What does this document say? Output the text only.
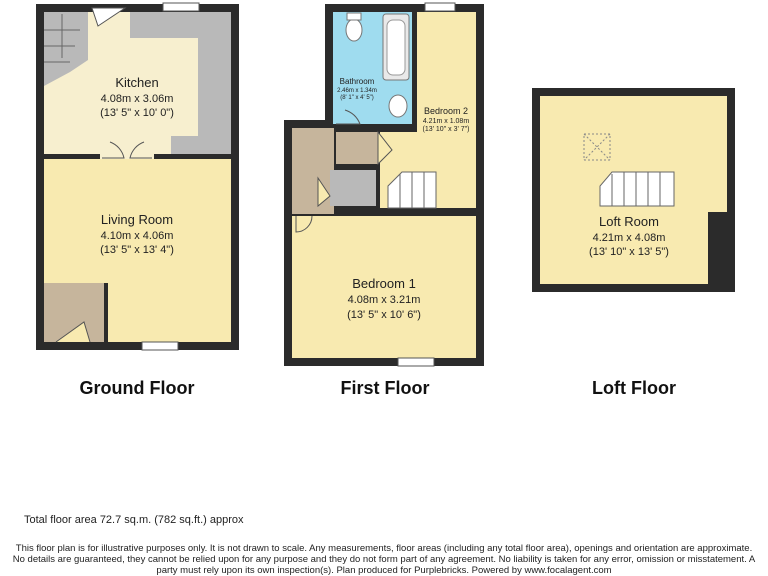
Kitchen
4.08m x 3.06m
(13' 5" x 10' 0")
Living Room
4.10m x 4.06m
(13' 5" x 13' 4")
Bathroom
2.46m x 1.34m
(8' 1" x 4' 5")
Bedroom 2
4.21m x 1.08m
(13' 10" x 3' 7")
Bedroom 1
4.08m x 3.21m
(13' 5" x 10' 6")
Loft Room
4.21m x 4.08m
(13' 10" x 13' 5")
Ground Floor	First Floor	Loft Floor
Total floor area 72.7 sq.m. (782 sq.ft.) approx
This floor plan is for illustrative purposes only. It is not drawn to scale. Any measurements, floor areas (including any total floor area), openings and orientation are approximate. No details are guaranteed, they cannot be relied upon for any purpose and they do not form part of any agreement. No liability is taken for any error, omission or misstatement. A party must rely upon its own inspection(s). Plan produced for Purplebricks. Powered by www.focalagent.com
